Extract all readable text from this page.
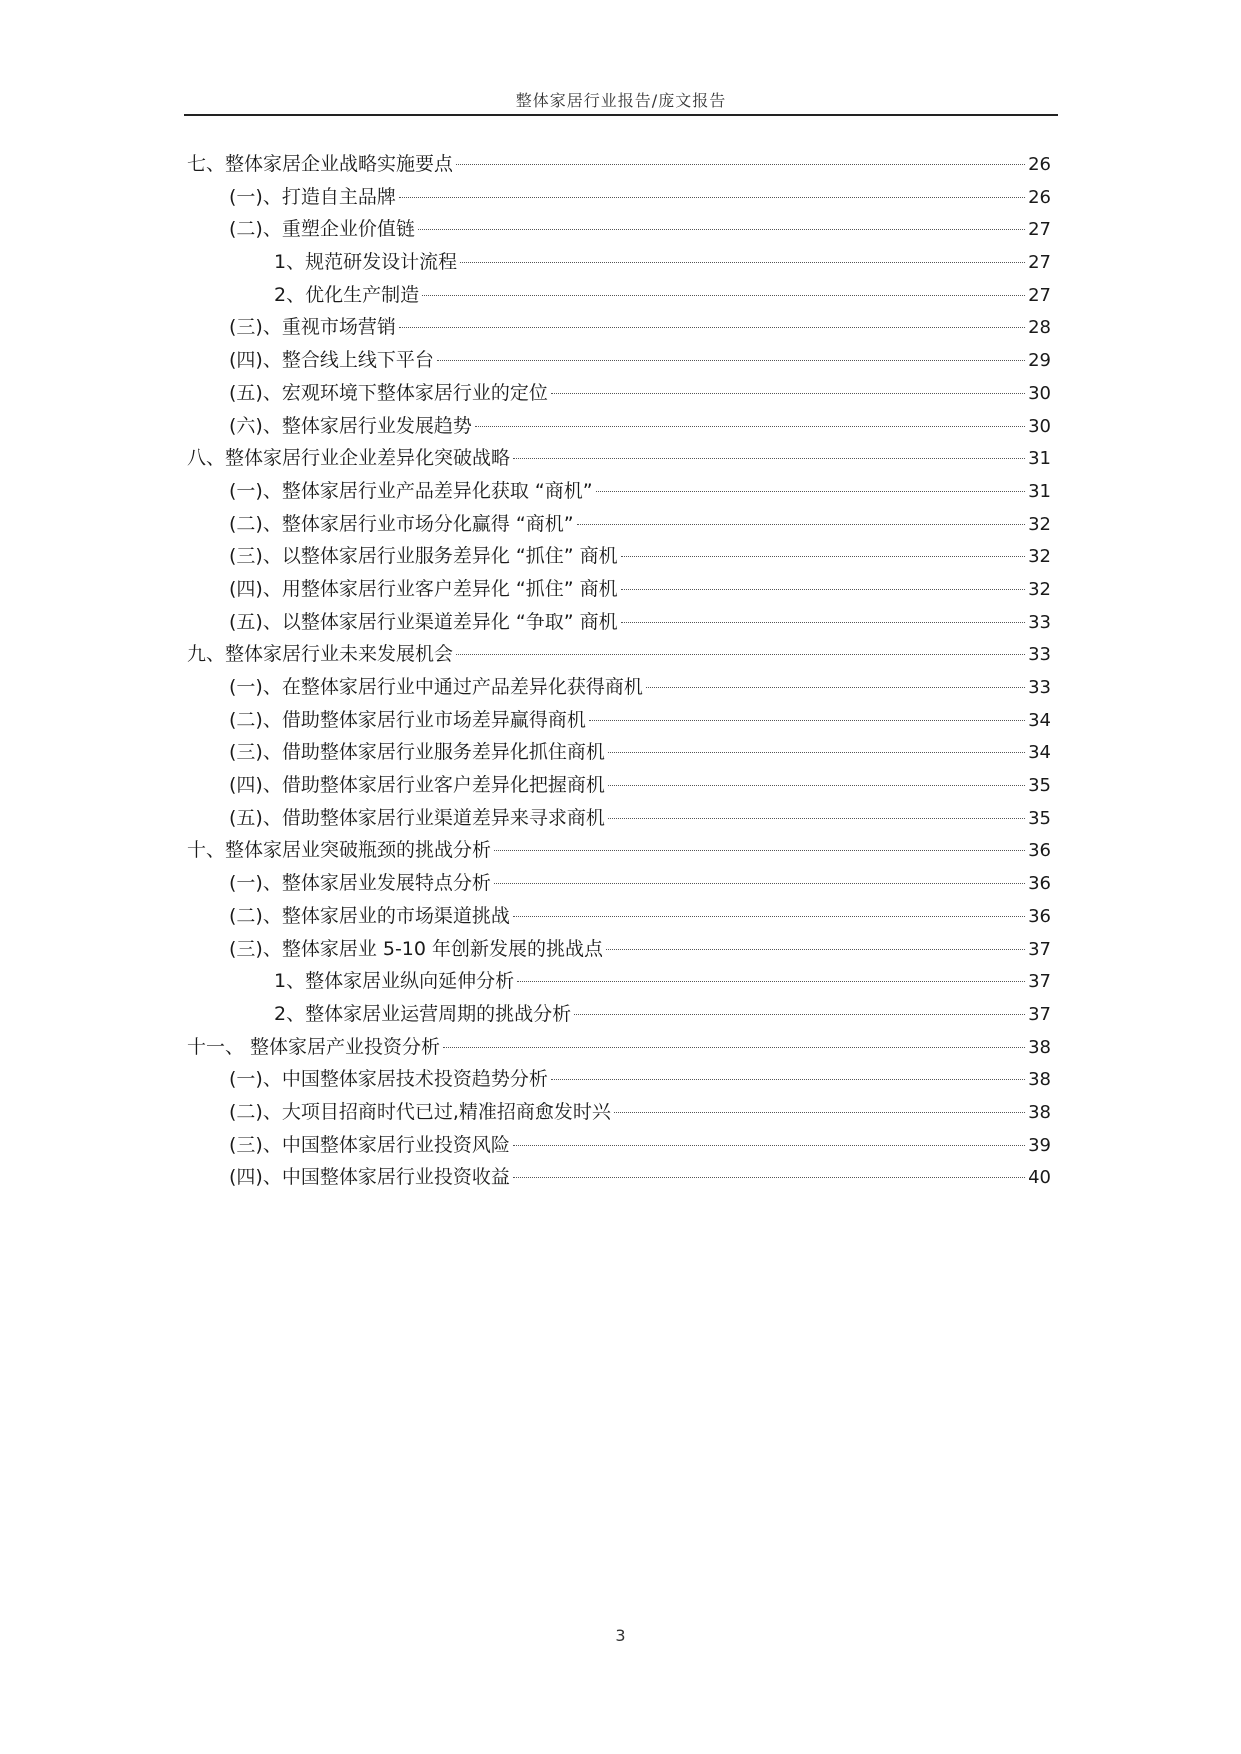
整体家居行业报告/庞文报告
七、整体家居企业战略实施要点	26
(一)、打造自主品牌	26
(二)、重塑企业价值链	27
1、规范研发设计流程	27
2、优化生产制造	27
(三)、重视市场营销	28
(四)、整合线上线下平台	29
(五)、宏观环境下整体家居行业的定位	30
(六)、整体家居行业发展趋势	30
八、整体家居行业企业差异化突破战略	31
(一)、整体家居行业产品差异化获取 “商机”	31
(二)、整体家居行业市场分化赢得 “商机”	32
(三)、以整体家居行业服务差异化 “抓住” 商机	32
(四)、用整体家居行业客户差异化 “抓住” 商机	32
(五)、以整体家居行业渠道差异化 “争取” 商机	33
九、整体家居行业未来发展机会	33
(一)、在整体家居行业中通过产品差异化获得商机	33
(二)、借助整体家居行业市场差异赢得商机	34
(三)、借助整体家居行业服务差异化抓住商机	34
(四)、借助整体家居行业客户差异化把握商机	35
(五)、借助整体家居行业渠道差异来寻求商机	35
十、整体家居业突破瓶颈的挑战分析	36
(一)、整体家居业发展特点分析	36
(二)、整体家居业的市场渠道挑战	36
(三)、整体家居业 5-10 年创新发展的挑战点	37
1、整体家居业纵向延伸分析	37
2、整体家居业运营周期的挑战分析	37
十一、 整体家居产业投资分析	38
(一)、中国整体家居技术投资趋势分析	38
(二)、大项目招商时代已过,精准招商愈发时兴	38
(三)、中国整体家居行业投资风险	39
(四)、中国整体家居行业投资收益	40
3
